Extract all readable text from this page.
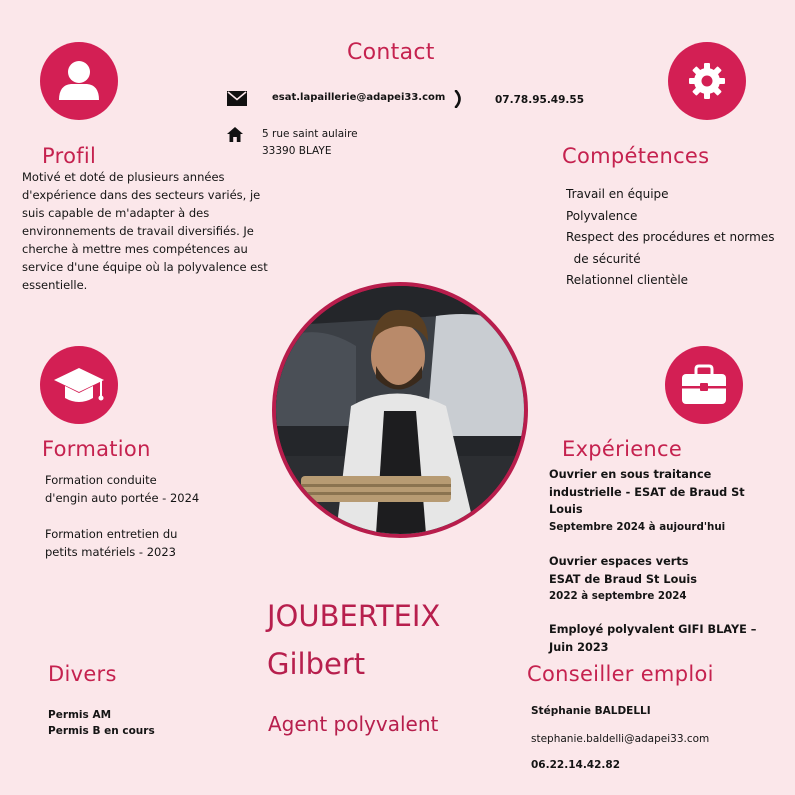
Contact
esat.lapaillerie@adapei33.com	07.78.95.49.55
5 rue saint aulaire
33390 BLAYE
Profil
Motivé et doté de plusieurs années d'expérience dans des secteurs variés, je suis capable de m'adapter à des environnements de travail diversifiés. Je cherche à mettre mes compétences au service d'une équipe où la polyvalence est essentielle.
Compétences
Travail en équipe
Polyvalence
Respect des procédures et normes
de sécurité
Relationnel clientèle
Formation
Formation conduite
d'engin auto portée - 2024
Formation entretien du
petits matériels - 2023
Expérience
Ouvrier en sous traitance industrielle - ESAT de Braud St Louis
Septembre 2024 à aujourd'hui
Ouvrier espaces verts ESAT de Braud St Louis
2022 à septembre 2024
Employé polyvalent GIFI BLAYE – Juin 2023
JOUBERTEIX
Gilbert
Agent polyvalent
Divers
Permis AM
Permis B en cours
Conseiller emploi
Stéphanie BALDELLI
stephanie.baldelli@adapei33.com
06.22.14.42.82
